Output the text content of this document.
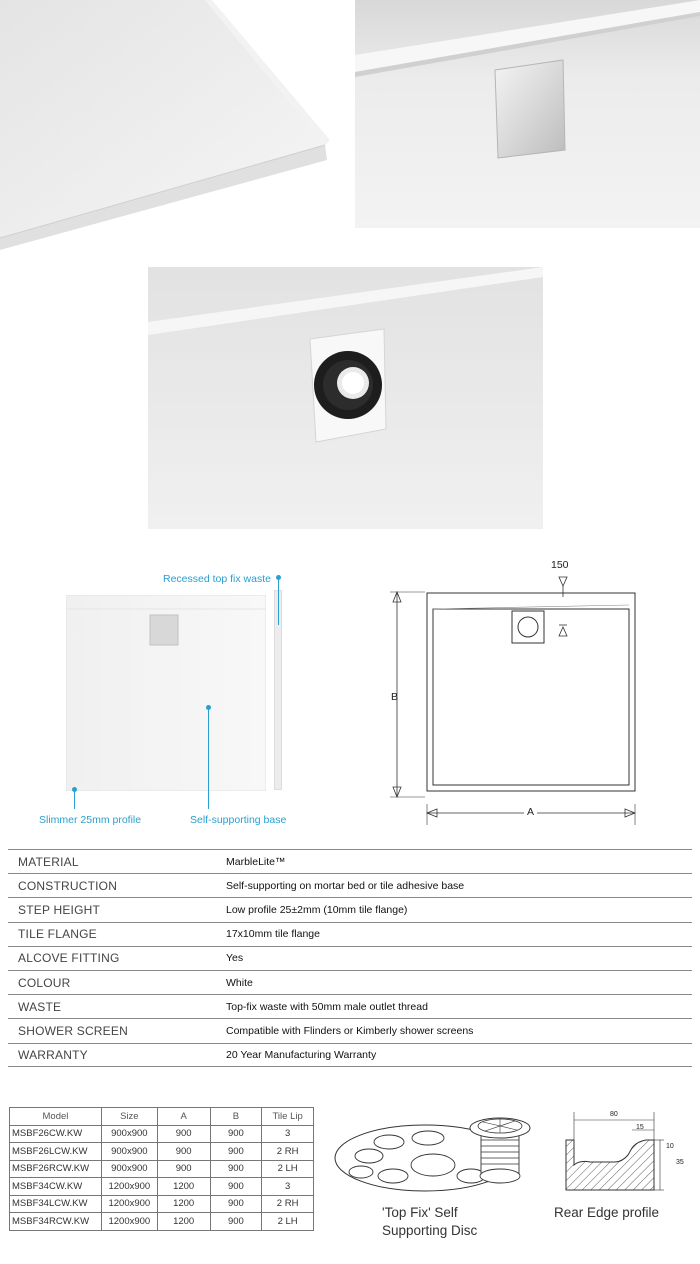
Recessed top fix waste
Slimmer 25mm profile	Self-supporting base
150
B
A
MATERIAL	MarbleLite™
CONSTRUCTION	Self-supporting on mortar bed or tile adhesive base
STEP HEIGHT	Low profile 25±2mm (10mm tile flange)
TILE FLANGE	17x10mm tile flange
ALCOVE FITTING	Yes
COLOUR	White
WASTE	Top-fix waste with 50mm male outlet thread
SHOWER SCREEN	Compatible with Flinders or Kimberly shower screens
WARRANTY	20 Year Manufacturing Warranty
Model	Size	A	B	Tile Lip
MSBF26CW.KW	900x900	900	900	3
MSBF26LCW.KW	900x900	900	900	2 RH
MSBF26RCW.KW	900x900	900	900	2 LH
MSBF34CW.KW	1200x900	1200	900	3
MSBF34LCW.KW	1200x900	1200	900	2 RH
MSBF34RCW.KW	1200x900	1200	900	2 LH
'Top Fix' Self
Supporting Disc
80
15
10
35
Rear Edge profile
